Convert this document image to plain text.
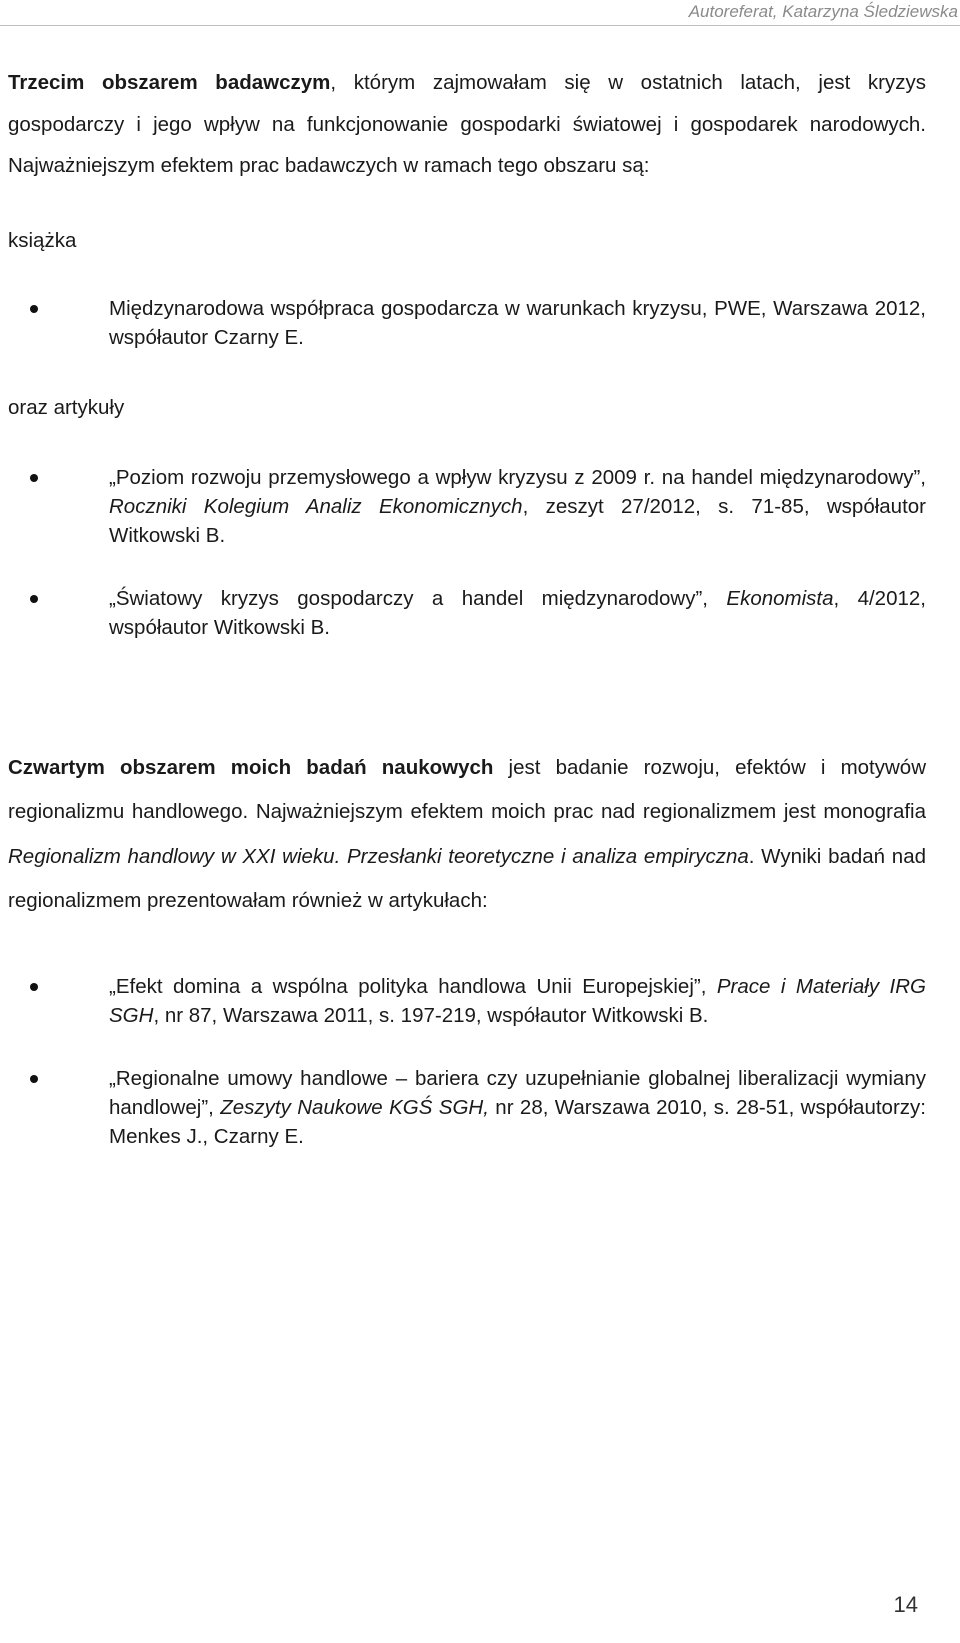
Autoreferat, Katarzyna Śledziewska

Trzecim obszarem badawczym, którym zajmowałam się w ostatnich latach, jest kryzys gospodarczy i jego wpływ na funkcjonowanie gospodarki światowej i gospodarek narodowych. Najważniejszym efektem prac badawczych w ramach tego obszaru są:

książka

Międzynarodowa współpraca gospodarcza w warunkach kryzysu, PWE, Warszawa 2012, współautor Czarny E.

oraz artykuły

„Poziom rozwoju przemysłowego a wpływ kryzysu z 2009 r. na handel międzynarodowy”, Roczniki Kolegium Analiz Ekonomicznych, zeszyt 27/2012, s. 71-85, współautor Witkowski B.
„Światowy kryzys gospodarczy a handel międzynarodowy”, Ekonomista, 4/2012, współautor Witkowski B.

Czwartym obszarem moich badań naukowych jest badanie rozwoju, efektów i motywów regionalizmu handlowego. Najważniejszym efektem moich prac nad regionalizmem jest monografia Regionalizm handlowy w XXI wieku. Przesłanki teoretyczne i analiza empiryczna. Wyniki badań nad regionalizmem prezentowałam również w artykułach:

„Efekt domina a wspólna polityka handlowa Unii Europejskiej”, Prace i Materiały IRG SGH, nr 87, Warszawa 2011, s. 197-219, współautor Witkowski B.
„Regionalne umowy handlowe – bariera czy uzupełnianie globalnej liberalizacji wymiany handlowej”, Zeszyty Naukowe KGŚ SGH, nr 28, Warszawa 2010, s. 28-51, współautorzy: Menkes J., Czarny E.
14
